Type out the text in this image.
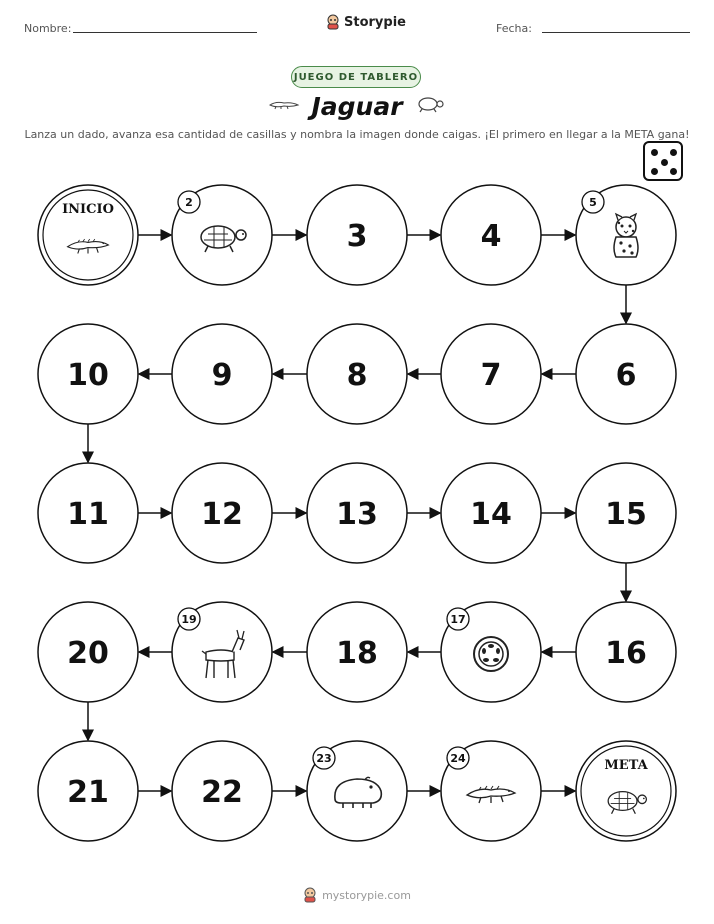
Nombre:	Storypie	Fecha:
JUEGO DE TABLERO
Jaguar
Lanza un dado, avanza esa cantidad de casillas y nombra la imagen donde caigas. ¡El primero en llegar a la META gana!
INICIO	2
3	4
5
6
7
8
9
10
11	12	13	14	15
16
17
18
19
20
21	22
23	24	META
mystorypie.com
